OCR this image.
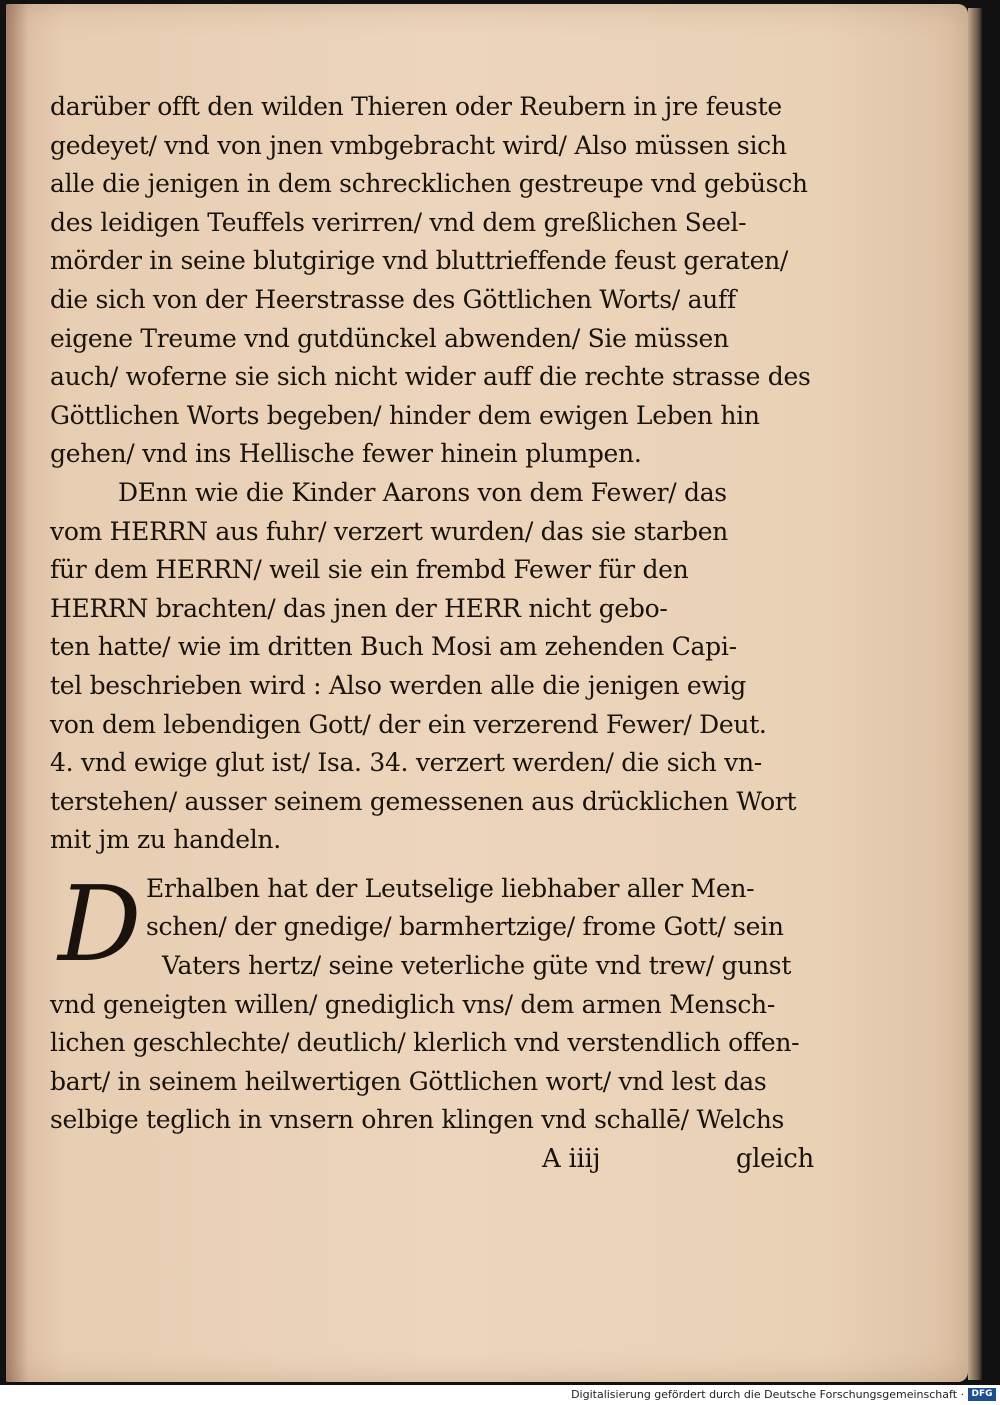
darüber offt den wilden Thieren oder Reubern in jre feuste
gedeyet/ vnd von jnen vmbgebracht wird/ Also müssen sich
alle die jenigen in dem schrecklichen gestreupe vnd gebüsch
des leidigen Teuffels verirren/ vnd dem greßlichen Seel-
mörder in seine blutgirige vnd bluttrieffende feust geraten/
die sich von der Heerstrasse des Göttlichen Worts/ auff
eigene Treume vnd gutdünckel abwenden/ Sie müssen
auch/ woferne sie sich nicht wider auff die rechte strasse des
Göttlichen Worts begeben/ hinder dem ewigen Leben hin
gehen/ vnd ins Hellische fewer hinein plumpen.
DEnn wie die Kinder Aarons von dem Fewer/ das
vom HERRN aus fuhr/ verzert wurden/ das sie starben
für dem HERRN/ weil sie ein frembd Fewer für den
HERRN brachten/ das jnen der HERR nicht gebo-
ten hatte/ wie im dritten Buch Mosi am zehenden Capi-
tel beschrieben wird : Also werden alle die jenigen ewig
von dem lebendigen Gott/ der ein verzerend Fewer/ Deut.
4. vnd ewige glut ist/ Isa. 34. verzert werden/ die sich vn-
terstehen/ ausser seinem gemessenen aus drücklichen Wort
mit jm zu handeln.
D Erhalben hat der Leutselige liebhaber aller Men-
schen/ der gnedige/ barmhertzige/ frome Gott/ sein
Vaters hertz/ seine veterliche güte vnd trew/ gunst
vnd geneigten willen/ gnediglich vns/ dem armen Mensch-
lichen geschlechte/ deutlich/ klerlich vnd verstendlich offen-
bart/ in seinem heilwertigen Göttlichen wort/ vnd lest das
selbige teglich in vnsern ohren klingen vnd schallē/ Welchs
A iiij	gleich
Digitalisierung gefördert durch die Deutsche Forschungsgemeinschaft · DFG
